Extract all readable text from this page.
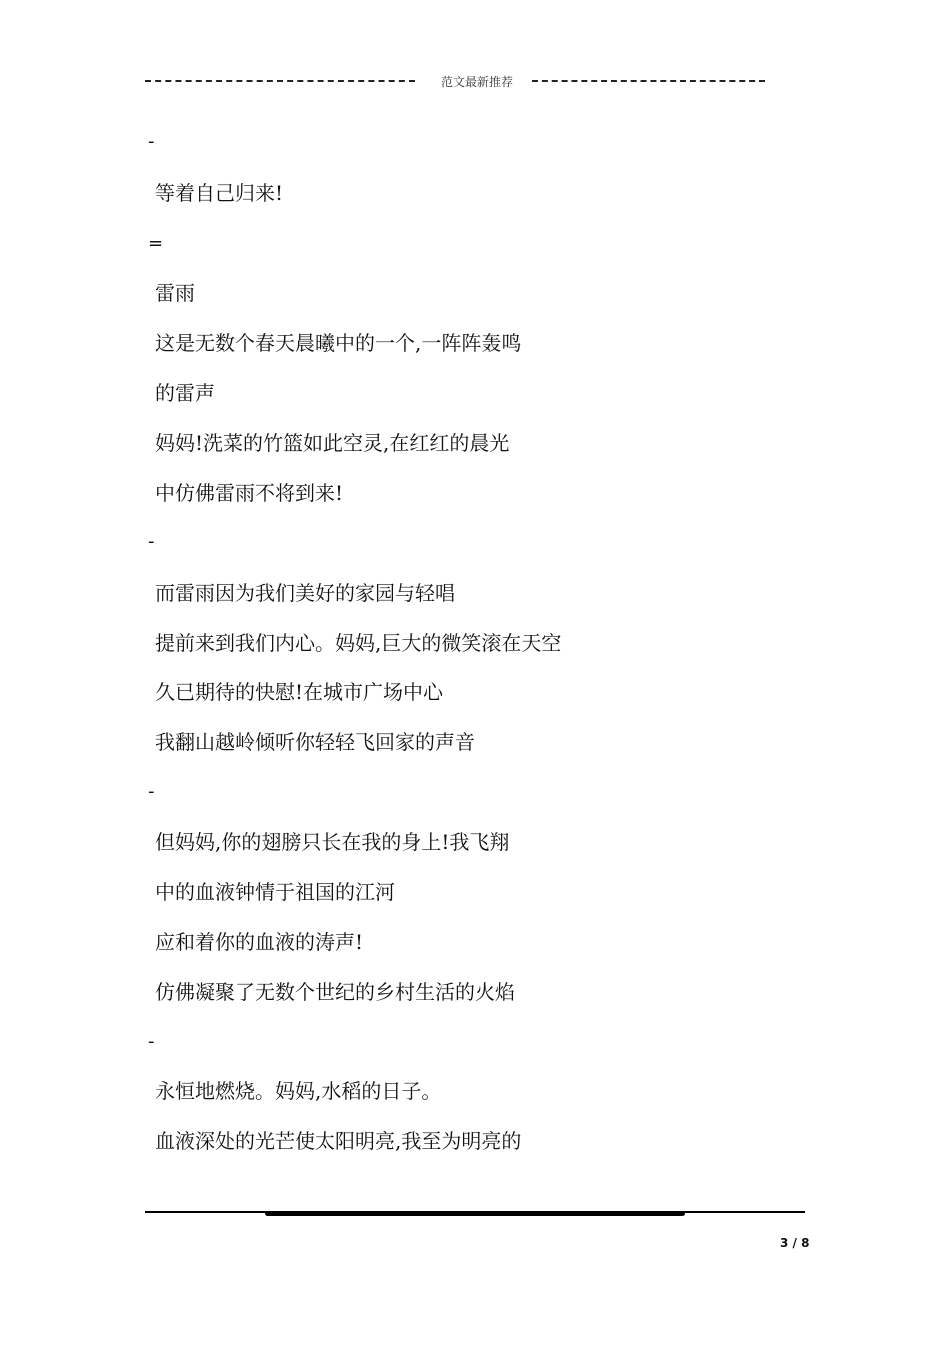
范文最新推荐
-
等着自己归来!
=
雷雨
这是无数个春天晨曦中的一个,一阵阵轰鸣
的雷声
妈妈!洗菜的竹篮如此空灵,在红红的晨光
中仿佛雷雨不将到来!
-
而雷雨因为我们美好的家园与轻唱
提前来到我们内心。妈妈,巨大的微笑滚在天空
久已期待的快慰!在城市广场中心
我翻山越岭倾听你轻轻飞回家的声音
-
但妈妈,你的翅膀只长在我的身上!我飞翔
中的血液钟情于祖国的江河
应和着你的血液的涛声!
仿佛凝聚了无数个世纪的乡村生活的火焰
-
永恒地燃烧。妈妈,水稻的日子。
血液深处的光芒使太阳明亮,我至为明亮的
3 / 8
